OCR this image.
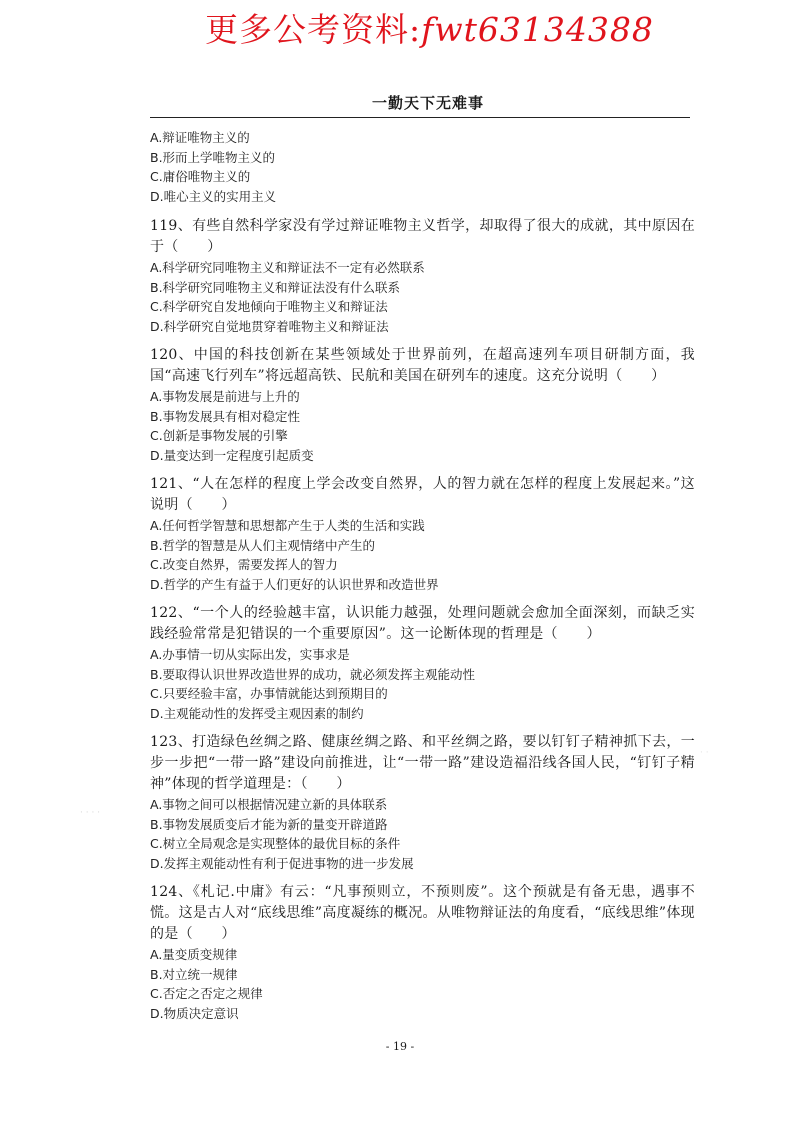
更多公考资料:fwt63134388
一勤天下无难事
A.辩证唯物主义的
B.形而上学唯物主义的
C.庸俗唯物主义的
D.唯心主义的实用主义
119、有些自然科学家没有学过辩证唯物主义哲学，却取得了很大的成就，其中原因在于（　　）
A.科学研究同唯物主义和辩证法不一定有必然联系
B.科学研究同唯物主义和辩证法没有什么联系
C.科学研究自发地倾向于唯物主义和辩证法
D.科学研究自觉地贯穿着唯物主义和辩证法
120、中国的科技创新在某些领域处于世界前列，在超高速列车项目研制方面，我国“高速飞行列车”将远超高铁、民航和美国在研列车的速度。这充分说明（　　）
A.事物发展是前进与上升的
B.事物发展具有相对稳定性
C.创新是事物发展的引擎
D.量变达到一定程度引起质变
121、“人在怎样的程度上学会改变自然界，人的智力就在怎样的程度上发展起来。”这说明（　　）
A.任何哲学智慧和思想都产生于人类的生活和实践
B.哲学的智慧是从人们主观情绪中产生的
C.改变自然界，需要发挥人的智力
D.哲学的产生有益于人们更好的认识世界和改造世界
122、“一个人的经验越丰富，认识能力越强，处理问题就会愈加全面深刻，而缺乏实践经验常常是犯错误的一个重要原因”。这一论断体现的哲理是（　　）
A.办事情一切从实际出发，实事求是
B.要取得认识世界改造世界的成功，就必须发挥主观能动性
C.只要经验丰富，办事情就能达到预期目的
D.主观能动性的发挥受主观因素的制约
123、打造绿色丝绸之路、健康丝绸之路、和平丝绸之路，要以钉钉子精神抓下去，一步一步把“一带一路”建设向前推进，让“一带一路”建设造福沿线各国人民，“钉钉子精神”体现的哲学道理是：（　　）
A.事物之间可以根据情况建立新的具体联系
B.事物发展质变后才能为新的量变开辟道路
C.树立全局观念是实现整体的最优目标的条件
D.发挥主观能动性有利于促进事物的进一步发展
124、《札记.中庸》有云：“凡事预则立，不预则废”。这个预就是有备无患，遇事不慌。这是古人对“底线思维”高度凝练的概况。从唯物辩证法的角度看，“底线思维”体现的是（　　）
A.量变质变规律
B.对立统一规律
C.否定之否定之规律
D.物质决定意识
· · · ·
· ·
- 19 -
